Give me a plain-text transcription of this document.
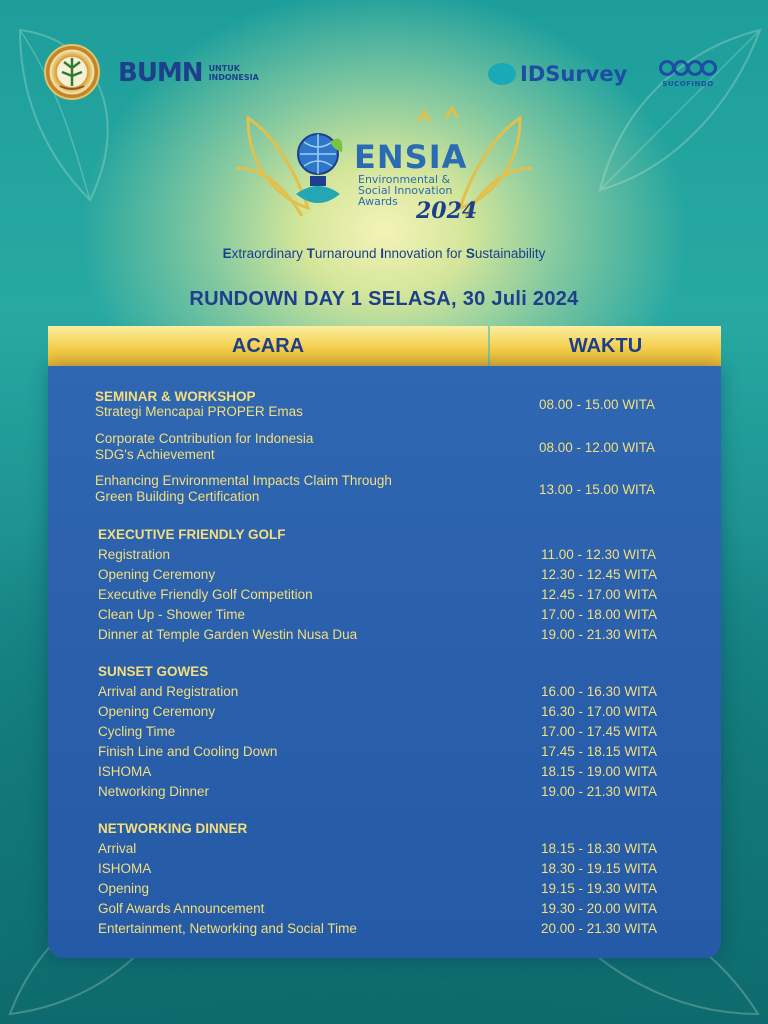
BUMN UNTUK
INDONESIA	IDSurvey	SUCOFINDO
ENSIA
Environmental &
Social Innovation
Awards 2024
Extraordinary Turnaround Innovation for Sustainability
RUNDOWN DAY 1 SELASA, 30 Juli 2024
ACARA	WAKTU
SEMINAR & WORKSHOP
Strategi Mencapai PROPER Emas	08.00 - 15.00 WITA
Corporate Contribution for Indonesia
SDG's Achievement	08.00 - 12.00 WITA
Enhancing Environmental Impacts Claim Through
Green Building Certification	13.00 - 15.00 WITA
EXECUTIVE FRIENDLY GOLF
Registration	11.00 - 12.30 WITA
Opening Ceremony	12.30 - 12.45 WITA
Executive Friendly Golf Competition	12.45 - 17.00 WITA
Clean Up - Shower Time	17.00 - 18.00 WITA
Dinner at Temple Garden Westin Nusa Dua	19.00 - 21.30 WITA
SUNSET GOWES
Arrival and Registration	16.00 - 16.30 WITA
Opening Ceremony	16.30 - 17.00 WITA
Cycling Time	17.00 - 17.45 WITA
Finish Line and Cooling Down	17.45 - 18.15 WITA
ISHOMA	18.15 - 19.00 WITA
Networking Dinner	19.00 - 21.30 WITA
NETWORKING DINNER
Arrival	18.15 - 18.30 WITA
ISHOMA	18.30 - 19.15 WITA
Opening	19.15 - 19.30 WITA
Golf Awards Announcement	19.30 - 20.00 WITA
Entertainment, Networking and Social Time	20.00 - 21.30 WITA
